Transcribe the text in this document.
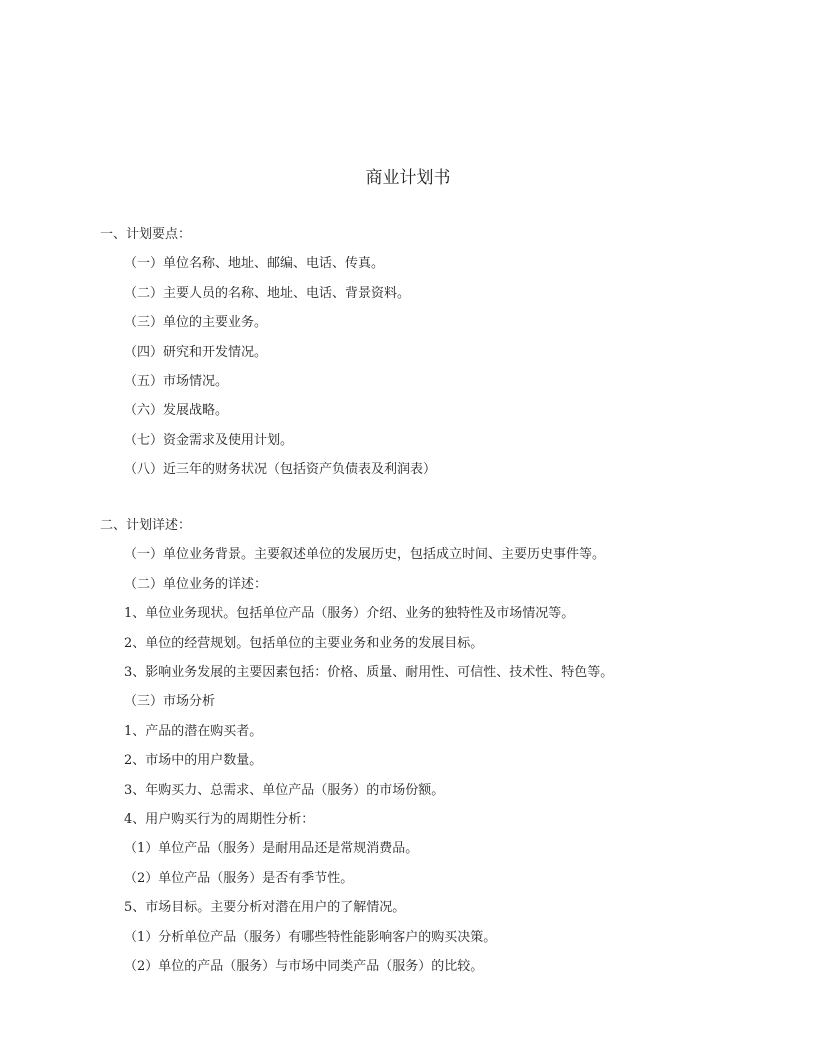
商业计划书
一、计划要点：
（一）单位名称、地址、邮编、电话、传真。
（二）主要人员的名称、地址、电话、背景资料。
（三）单位的主要业务。
（四）研究和开发情况。
（五）市场情况。
（六）发展战略。
（七）资金需求及使用计划。
（八）近三年的财务状况（包括资产负债表及利润表）
二、计划详述：
（一）单位业务背景。主要叙述单位的发展历史，包括成立时间、主要历史事件等。
（二）单位业务的详述：
1、单位业务现状。包括单位产品（服务）介绍、业务的独特性及市场情况等。
2、单位的经营规划。包括单位的主要业务和业务的发展目标。
3、影响业务发展的主要因素包括：价格、质量、耐用性、可信性、技术性、特色等。
（三）市场分析
1、产品的潜在购买者。
2、市场中的用户数量。
3、年购买力、总需求、单位产品（服务）的市场份额。
4、用户购买行为的周期性分析：
（1）单位产品（服务）是耐用品还是常规消费品。
（2）单位产品（服务）是否有季节性。
5、市场目标。主要分析对潜在用户的了解情况。
（1）分析单位产品（服务）有哪些特性能影响客户的购买决策。
（2）单位的产品（服务）与市场中同类产品（服务）的比较。
